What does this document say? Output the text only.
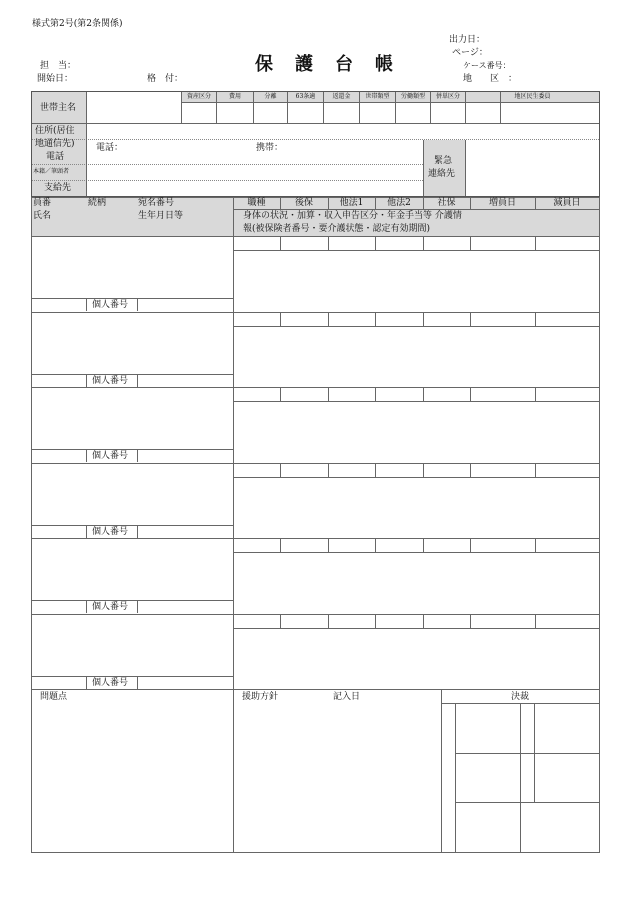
様式第2号(第2条関係)
保護台帳
担　当：
開始日：	格　付：
出力日：
ページ：
ケース番号：
地　　区　：
世帯主名
資産区分	費用	分離	63条適	返還金	世帯類型	労働類型	併単区分	地区民生委員
住所(居住
地通信先)
電話
電話：	携帯：
本籍／筆頭者
支給先
緊急
連絡先
員番	続柄	宛名番号	職種	後保	他法1	他法2	社保	増員日	減員日
氏名	生年月日等	身体の状況・加算・収入申告区分・年金手当等 介護情
報(被保険者番号・要介護状態・認定有効期間)
個人番号
個人番号
個人番号
個人番号
個人番号
個人番号
問題点	援助方針	記入日	決裁
